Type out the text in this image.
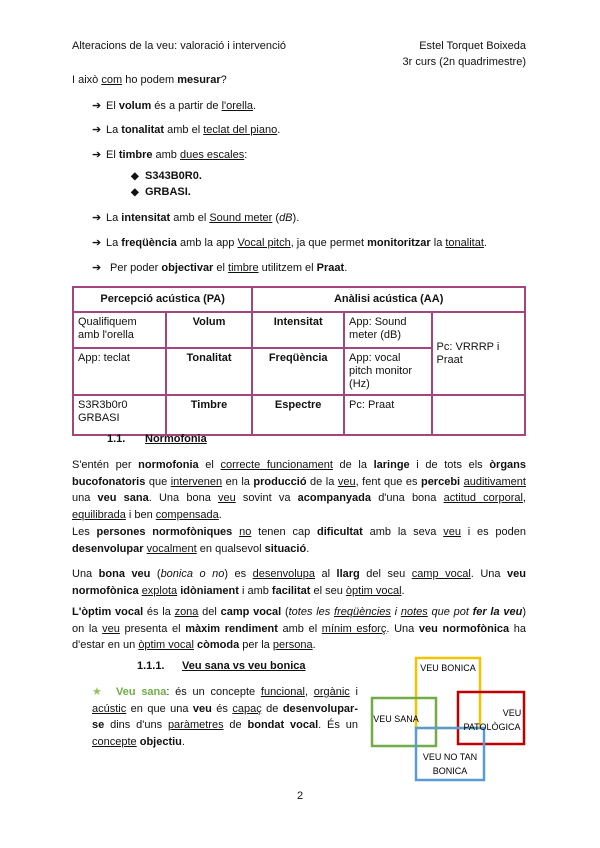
Alteracions de la veu: valoració i intervenció	Estel Torquet Boixeda
3r curs (2n quadrimestre)
I això com ho podem mesurar?
➔ El volum és a partir de l'orella.
➔ La tonalitat amb el teclat del piano.
➔ El timbre amb dues escales:
◆ S343B0R0.
◆ GRBASI.
➔ La intensitat amb el Sound meter (dB).
➔ La freqüència amb la app Vocal pitch, ja que permet monitoritzar la tonalitat.
➔ Per poder objectivar el timbre utilitzem el Praat.
Percepció acústica (PA)		Anàlisi acústica (AA)		
Qualifiquem amb l'orella	Volum	Intensitat	App: Sound meter (dB)	Pc: VRRRP i Praat
App: teclat	Tonalitat	Freqüència	App: vocal pitch monitor (Hz)	
S3R3b0r0 GRBASI	Timbre	Espectre	Pc: Praat	
1.1. Normofonia
S'entén per normofonia el correcte funcionament de la laringe i de tots els òrgans bucofonatoris que intervenen en la producció de la veu, fent que es percebi auditivament una veu sana. Una bona veu sovint va acompanyada d'una bona actitud corporal, equilibrada i ben compensada.
Les persones normofòniques no tenen cap dificultat amb la seva veu i es poden desenvolupar vocalment en qualsevol situació.
Una bona veu (bonica o no) es desenvolupa al llarg del seu camp vocal. Una veu normofònica explota idòniament i amb facilitat el seu òptim vocal.
L'òptim vocal és la zona del camp vocal (totes les freqüències i notes que pot fer la veu) on la veu presenta el màxim rendiment amb el mínim esforç. Una veu normofònica ha d'estar en un òptim vocal còmoda per la persona.
1.1.1. Veu sana vs veu bonica
★ Veu sana: és un concepte funcional, orgànic i acústic en que una veu és capaç de desenvolupar-se dins d'uns paràmetres de bondat vocal. És un concepte objectiu.
VEU BONICA
VEU SANA
VEU
PATOLÒGICA
VEU NO TAN
BONICA
2
